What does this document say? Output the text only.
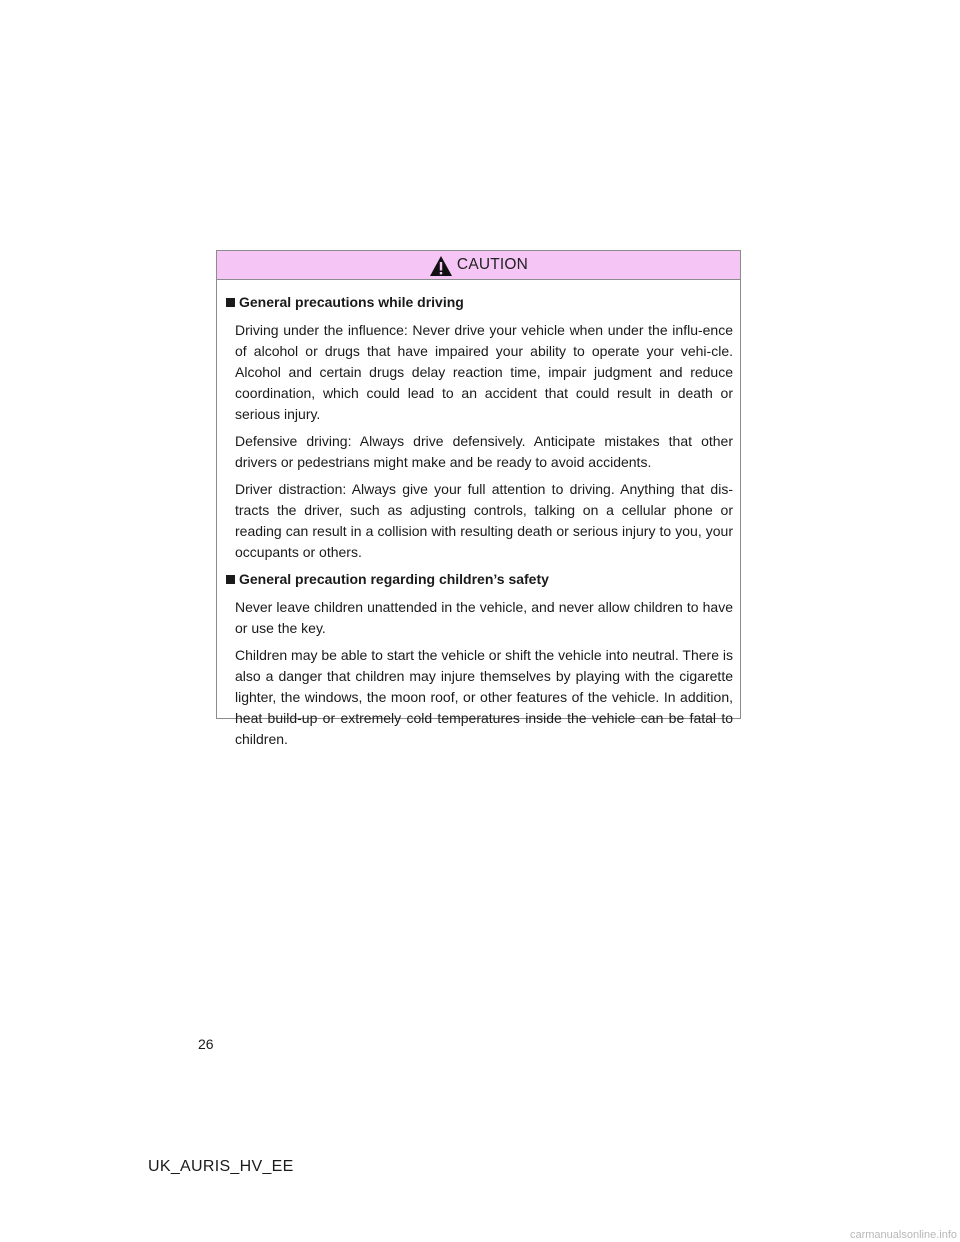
CAUTION
General precautions while driving

Driving under the influence: Never drive your vehicle when under the influ-ence of alcohol or drugs that have impaired your ability to operate your vehi-cle. Alcohol and certain drugs delay reaction time, impair judgment and reduce coordination, which could lead to an accident that could result in death or serious injury.

Defensive driving: Always drive defensively. Anticipate mistakes that other drivers or pedestrians might make and be ready to avoid accidents.

Driver distraction: Always give your full attention to driving. Anything that dis-tracts the driver, such as adjusting controls, talking on a cellular phone or reading can result in a collision with resulting death or serious injury to you, your occupants or others.

General precaution regarding children’s safety

Never leave children unattended in the vehicle, and never allow children to have or use the key.

Children may be able to start the vehicle or shift the vehicle into neutral. There is also a danger that children may injure themselves by playing with the cigarette lighter, the windows, the moon roof, or other features of the vehicle. In addition, heat build-up or extremely cold temperatures inside the vehicle can be fatal to children.

26
UK_AURIS_HV_EE
carmanualsonline.info
